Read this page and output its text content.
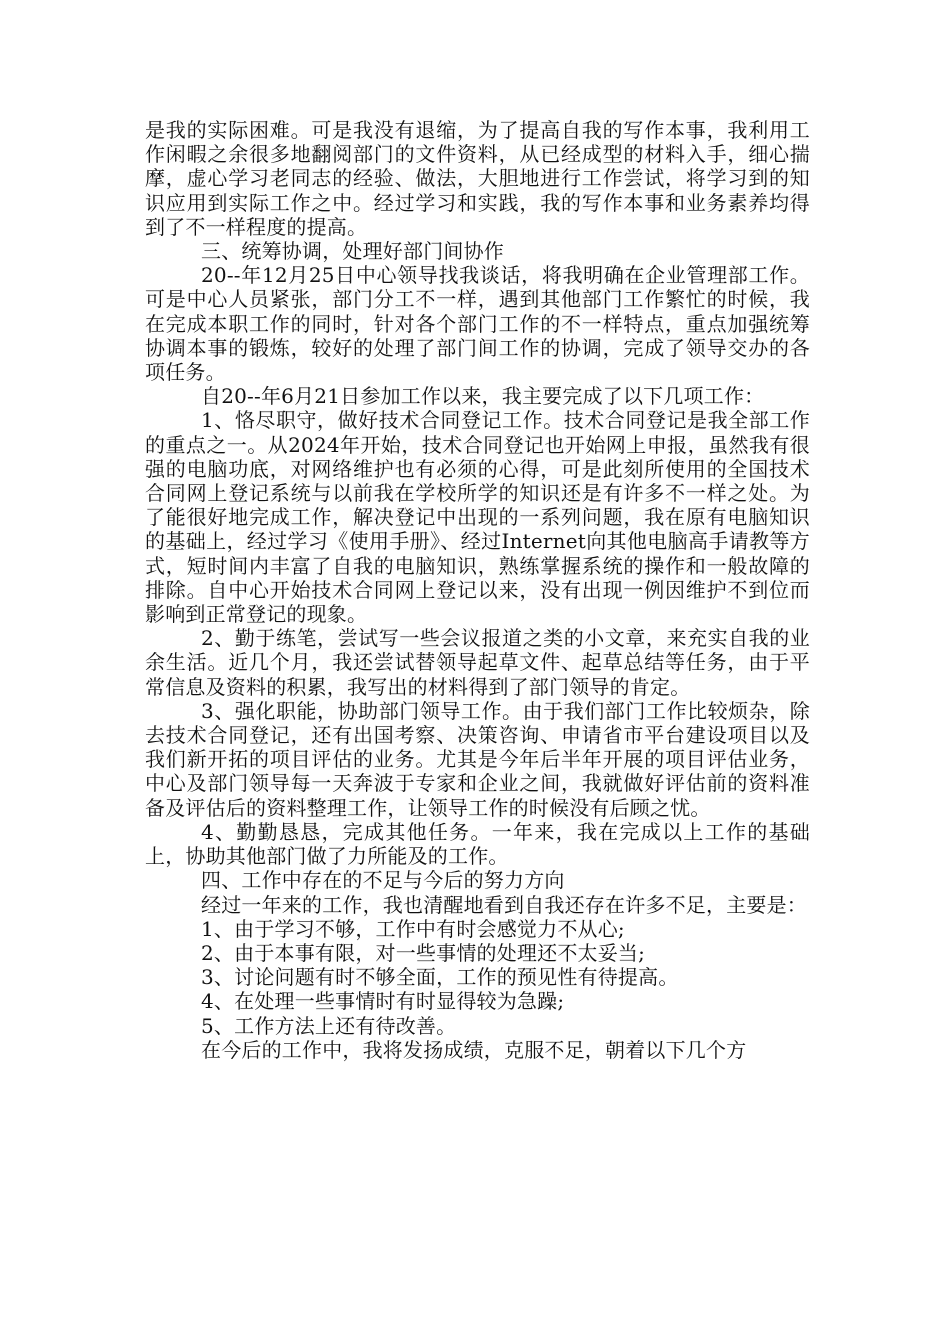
是我的实际困难。可是我没有退缩，为了提高自我的写作本事，我利用工作闲暇之余很多地翻阅部门的文件资料，从已经成型的材料入手，细心揣摩，虚心学习老同志的经验、做法，大胆地进行工作尝试，将学习到的知识应用到实际工作之中。经过学习和实践，我的写作本事和业务素养均得到了不一样程度的提高。

三、统筹协调，处理好部门间协作

20--年12月25日中心领导找我谈话，将我明确在企业管理部工作。可是中心人员紧张，部门分工不一样，遇到其他部门工作繁忙的时候，我在完成本职工作的同时，针对各个部门工作的不一样特点，重点加强统筹协调本事的锻炼，较好的处理了部门间工作的协调，完成了领导交办的各项任务。

自20--年6月21日参加工作以来，我主要完成了以下几项工作：

1、恪尽职守，做好技术合同登记工作。技术合同登记是我全部工作的重点之一。从2024年开始，技术合同登记也开始网上申报，虽然我有很强的电脑功底，对网络维护也有必须的心得，可是此刻所使用的全国技术合同网上登记系统与以前我在学校所学的知识还是有许多不一样之处。为了能很好地完成工作，解决登记中出现的一系列问题，我在原有电脑知识的基础上，经过学习《使用手册》、经过Internet向其他电脑高手请教等方式，短时间内丰富了自我的电脑知识，熟练掌握系统的操作和一般故障的排除。自中心开始技术合同网上登记以来，没有出现一例因维护不到位而影响到正常登记的现象。

2、勤于练笔，尝试写一些会议报道之类的小文章，来充实自我的业余生活。近几个月，我还尝试替领导起草文件、起草总结等任务，由于平常信息及资料的积累，我写出的材料得到了部门领导的肯定。

3、强化职能，协助部门领导工作。由于我们部门工作比较烦杂，除去技术合同登记，还有出国考察、决策咨询、申请省市平台建设项目以及我们新开拓的项目评估的业务。尤其是今年后半年开展的项目评估业务，中心及部门领导每一天奔波于专家和企业之间，我就做好评估前的资料准备及评估后的资料整理工作，让领导工作的时候没有后顾之忧。

4、勤勤恳恳，完成其他任务。一年来，我在完成以上工作的基础上，协助其他部门做了力所能及的工作。

四、工作中存在的不足与今后的努力方向

经过一年来的工作，我也清醒地看到自我还存在许多不足，主要是：

1、由于学习不够，工作中有时会感觉力不从心;

2、由于本事有限，对一些事情的处理还不太妥当;

3、讨论问题有时不够全面，工作的预见性有待提高。

4、在处理一些事情时有时显得较为急躁;

5、工作方法上还有待改善。

在今后的工作中，我将发扬成绩，克服不足，朝着以下几个方
